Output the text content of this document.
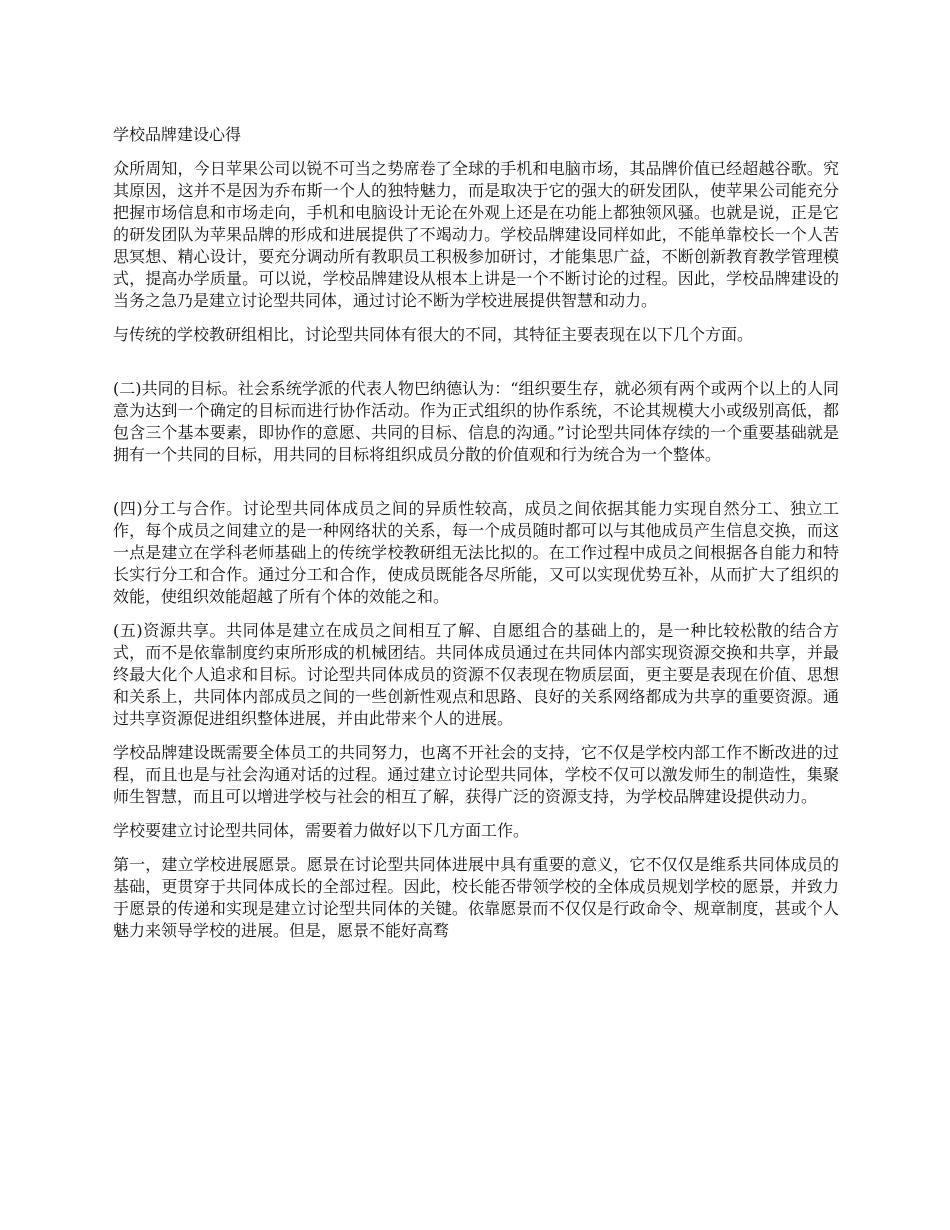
学校品牌建设心得

众所周知，今日苹果公司以锐不可当之势席卷了全球的手机和电脑市场，其品牌价值已经超越谷歌。究其原因，这并不是因为乔布斯一个人的独特魅力，而是取决于它的强大的研发团队，使苹果公司能充分把握市场信息和市场走向，手机和电脑设计无论在外观上还是在功能上都独领风骚。也就是说，正是它的研发团队为苹果品牌的形成和进展提供了不竭动力。学校品牌建设同样如此，不能单靠校长一个人苦思冥想、精心设计，要充分调动所有教职员工积极参加研讨，才能集思广益，不断创新教育教学管理模式，提高办学质量。可以说，学校品牌建设从根本上讲是一个不断讨论的过程。因此，学校品牌建设的当务之急乃是建立讨论型共同体，通过讨论不断为学校进展提供智慧和动力。

与传统的学校教研组相比，讨论型共同体有很大的不同，其特征主要表现在以下几个方面。

(二)共同的目标。社会系统学派的代表人物巴纳德认为：“组织要生存，就必须有两个或两个以上的人同意为达到一个确定的目标而进行协作活动。作为正式组织的协作系统，不论其规模大小或级别高低，都包含三个基本要素，即协作的意愿、共同的目标、信息的沟通。”讨论型共同体存续的一个重要基础就是拥有一个共同的目标，用共同的目标将组织成员分散的价值观和行为统合为一个整体。

(四)分工与合作。讨论型共同体成员之间的异质性较高，成员之间依据其能力实现自然分工、独立工作，每个成员之间建立的是一种网络状的关系，每一个成员随时都可以与其他成员产生信息交换，而这一点是建立在学科老师基础上的传统学校教研组无法比拟的。在工作过程中成员之间根据各自能力和特长实行分工和合作。通过分工和合作，使成员既能各尽所能，又可以实现优势互补，从而扩大了组织的效能，使组织效能超越了所有个体的效能之和。

(五)资源共享。共同体是建立在成员之间相互了解、自愿组合的基础上的，是一种比较松散的结合方式，而不是依靠制度约束所形成的机械团结。共同体成员通过在共同体内部实现资源交换和共享，并最终最大化个人追求和目标。讨论型共同体成员的资源不仅表现在物质层面，更主要是表现在价值、思想和关系上，共同体内部成员之间的一些创新性观点和思路、良好的关系网络都成为共享的重要资源。通过共享资源促进组织整体进展，并由此带来个人的进展。

学校品牌建设既需要全体员工的共同努力，也离不开社会的支持，它不仅是学校内部工作不断改进的过程，而且也是与社会沟通对话的过程。通过建立讨论型共同体，学校不仅可以激发师生的制造性，集聚师生智慧，而且可以增进学校与社会的相互了解，获得广泛的资源支持，为学校品牌建设提供动力。

学校要建立讨论型共同体，需要着力做好以下几方面工作。

第一，建立学校进展愿景。愿景在讨论型共同体进展中具有重要的意义，它不仅仅是维系共同体成员的基础，更贯穿于共同体成长的全部过程。因此，校长能否带领学校的全体成员规划学校的愿景，并致力于愿景的传递和实现是建立讨论型共同体的关键。依靠愿景而不仅仅是行政命令、规章制度，甚或个人魅力来领导学校的进展。但是，愿景不能好高骛
